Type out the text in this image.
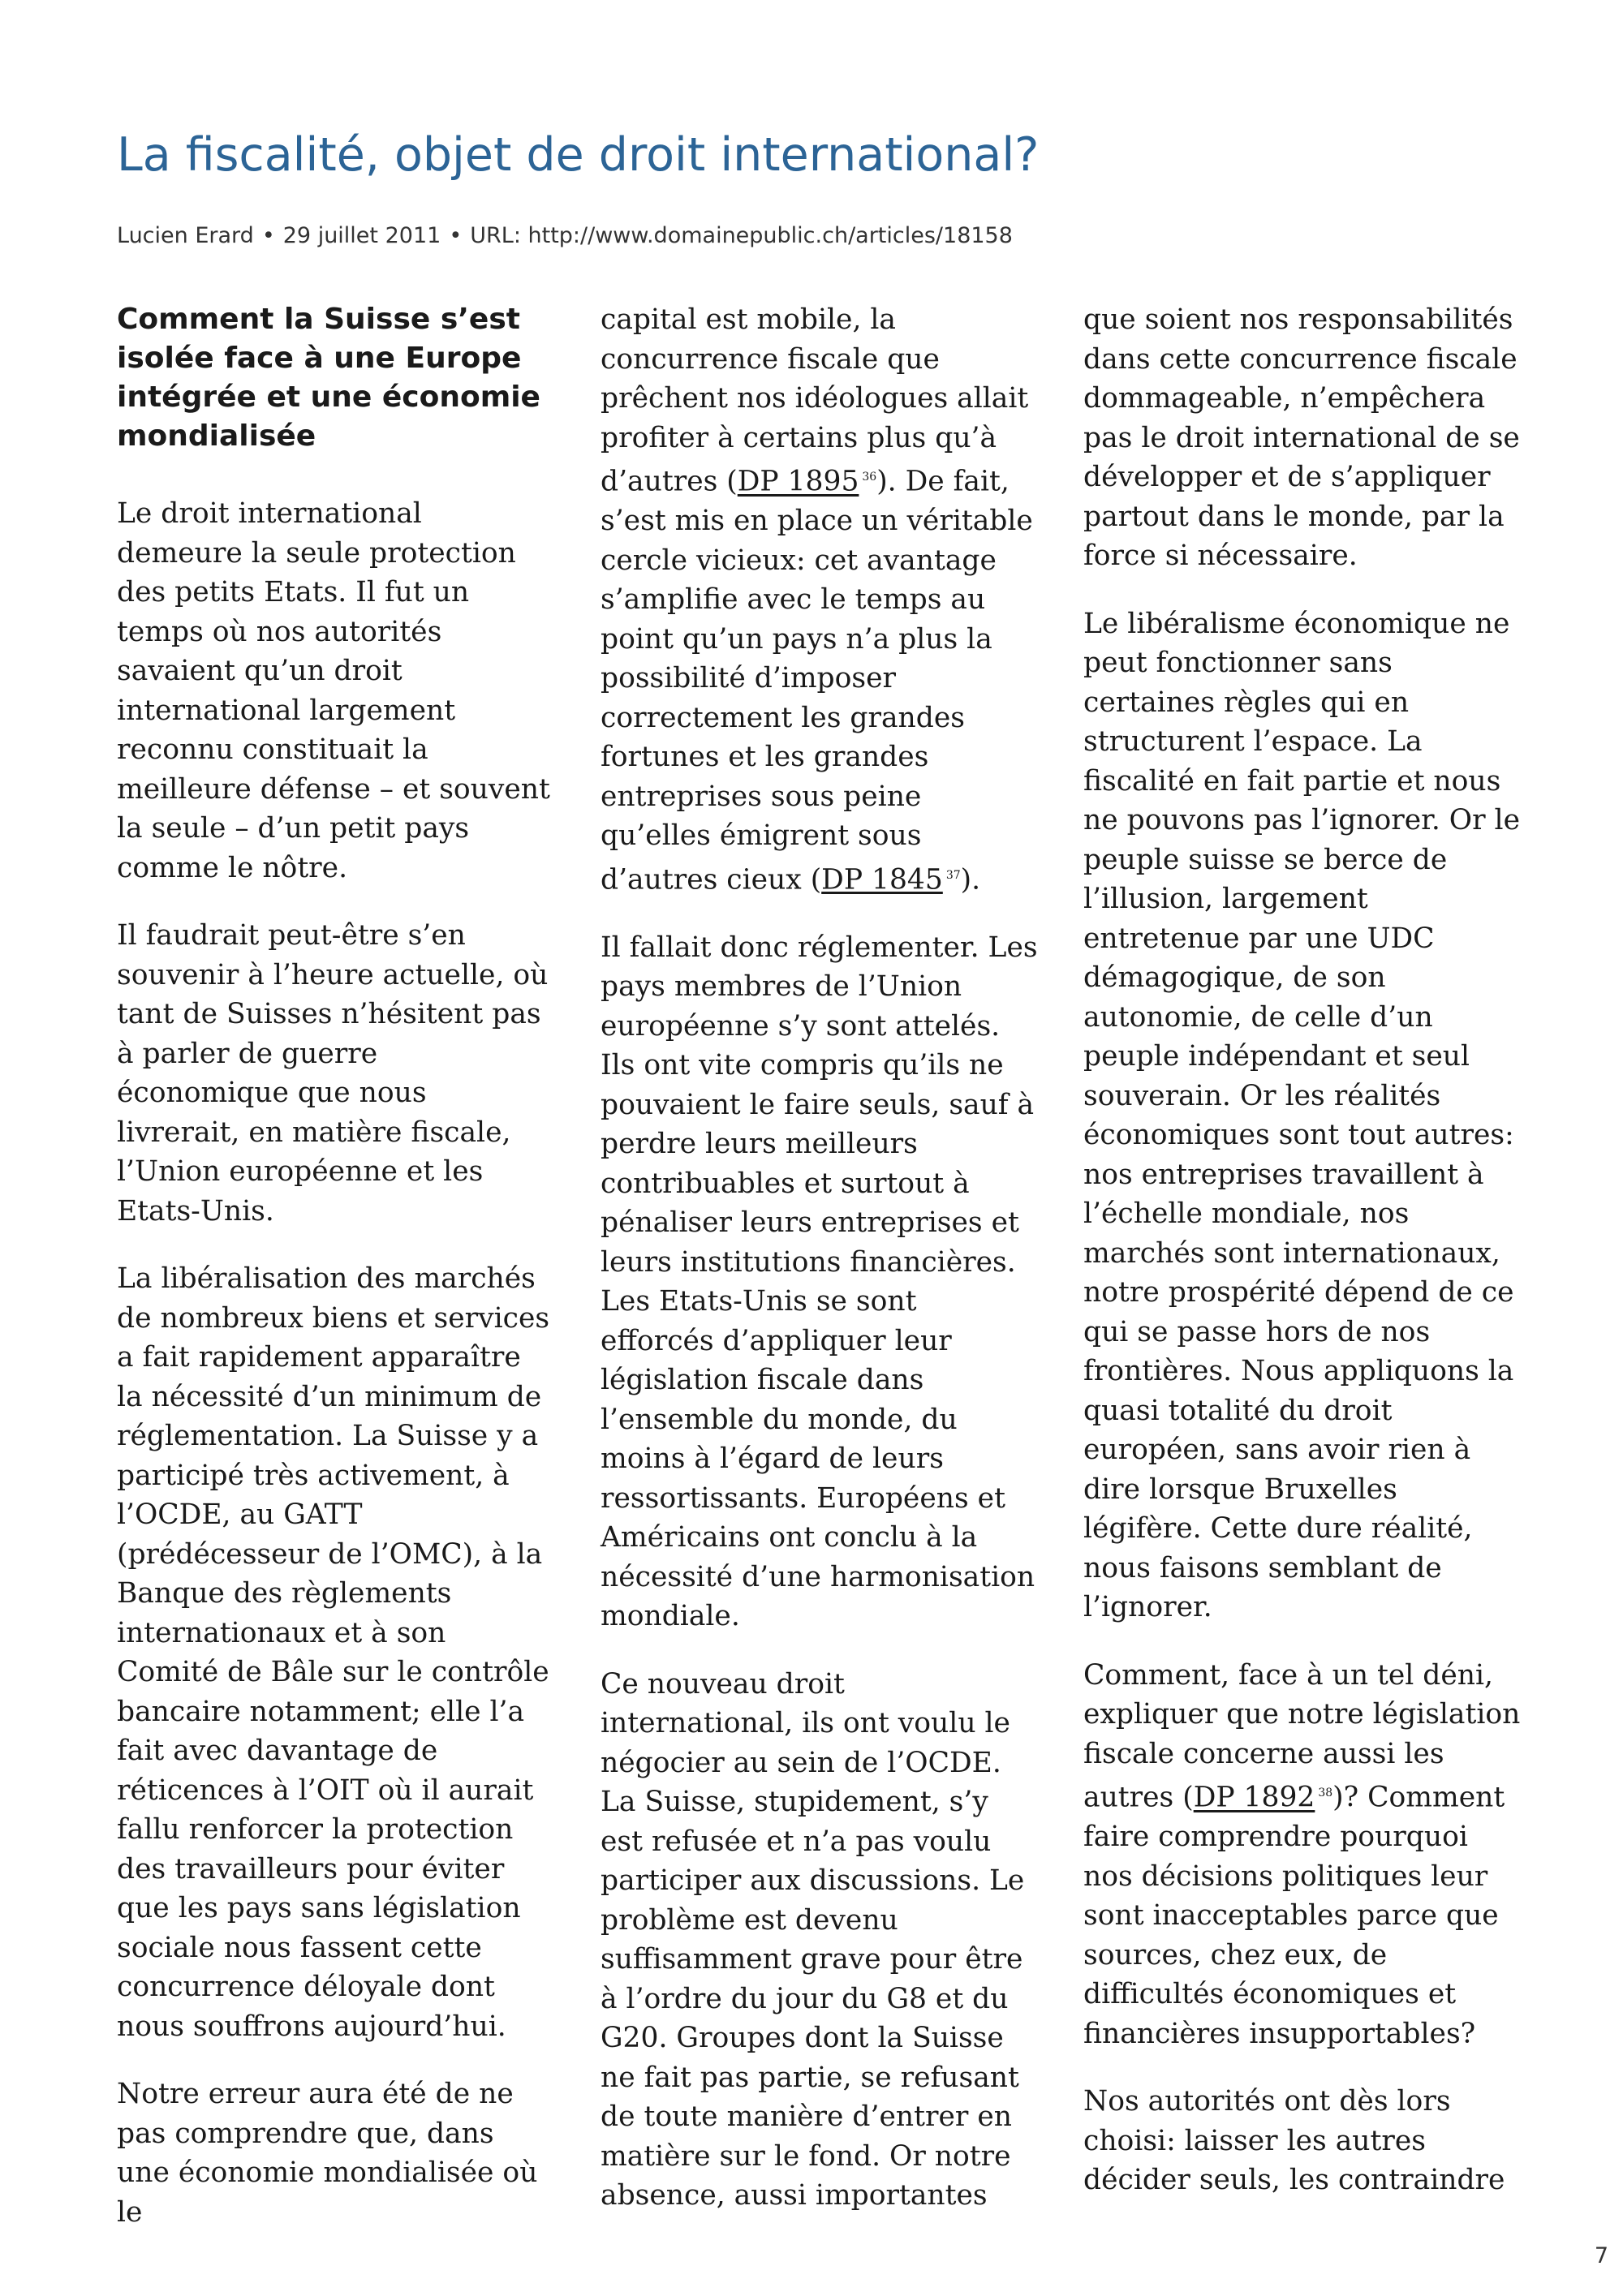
La fiscalité, objet de droit international?
Lucien Erard • 29 juillet 2011 • URL: http://www.domainepublic.ch/articles/18158

Comment la Suisse s’est isolée face à une Europe intégrée et une économie mondialisée

Le droit international demeure la seule protection des petits Etats. Il fut un temps où nos autorités savaient qu’un droit international largement reconnu constituait la meilleure défense – et souvent la seule – d’un petit pays comme le nôtre.

Il faudrait peut-être s’en souvenir à l’heure actuelle, où tant de Suisses n’hésitent pas à parler de guerre économique que nous livrerait, en matière fiscale, l’Union européenne et les Etats-Unis.

La libéralisation des marchés de nombreux biens et services a fait rapidement apparaître la nécessité d’un minimum de réglementation. La Suisse y a participé très activement, à l’OCDE, au GATT (prédécesseur de l’OMC), à la Banque des règlements internationaux et à son Comité de Bâle sur le contrôle bancaire notamment; elle l’a fait avec davantage de réticences à l’OIT où il aurait fallu renforcer la protection des travailleurs pour éviter que les pays sans législation sociale nous fassent cette concurrence déloyale dont nous souffrons aujourd’hui.

Notre erreur aura été de ne pas comprendre que, dans une économie mondialisée où le

capital est mobile, la concurrence fiscale que prêchent nos idéologues allait profiter à certains plus qu’à d’autres (DP 1895 $^{36}$). De fait, s’est mis en place un véritable cercle vicieux: cet avantage s’amplifie avec le temps au point qu’un pays n’a plus la possibilité d’imposer correctement les grandes fortunes et les grandes entreprises sous peine qu’elles émigrent sous d’autres cieux (DP 1845 $^{37}$).

Il fallait donc réglementer. Les pays membres de l’Union européenne s’y sont attelés. Ils ont vite compris qu’ils ne pouvaient le faire seuls, sauf à perdre leurs meilleurs contribuables et surtout à pénaliser leurs entreprises et leurs institutions financières. Les Etats-Unis se sont efforcés d’appliquer leur législation fiscale dans l’ensemble du monde, du moins à l’égard de leurs ressortissants. Européens et Américains ont conclu à la nécessité d’une harmonisation mondiale.

Ce nouveau droit international, ils ont voulu le négocier au sein de l’OCDE. La Suisse, stupidement, s’y est refusée et n’a pas voulu participer aux discussions. Le problème est devenu suffisamment grave pour être à l’ordre du jour du G8 et du G20. Groupes dont la Suisse ne fait pas partie, se refusant de toute manière d’entrer en matière sur le fond. Or notre absence, aussi importantes

que soient nos responsabilités dans cette concurrence fiscale dommageable, n’empêchera pas le droit international de se développer et de s’appliquer partout dans le monde, par la force si nécessaire.

Le libéralisme économique ne peut fonctionner sans certaines règles qui en structurent l’espace. La fiscalité en fait partie et nous ne pouvons pas l’ignorer. Or le peuple suisse se berce de l’illusion, largement entretenue par une UDC démagogique, de son autonomie, de celle d’un peuple indépendant et seul souverain. Or les réalités économiques sont tout autres: nos entreprises travaillent à l’échelle mondiale, nos marchés sont internationaux, notre prospérité dépend de ce qui se passe hors de nos frontières. Nous appliquons la quasi totalité du droit européen, sans avoir rien à dire lorsque Bruxelles légifère. Cette dure réalité, nous faisons semblant de l’ignorer.

Comment, face à un tel déni, expliquer que notre législation fiscale concerne aussi les autres (DP 1892 $^{38}$)? Comment faire comprendre pourquoi nos décisions politiques leur sont inacceptables parce que sources, chez eux, de difficultés économiques et financières insupportables?

Nos autorités ont dès lors choisi: laisser les autres décider seuls, les contraindre

7
